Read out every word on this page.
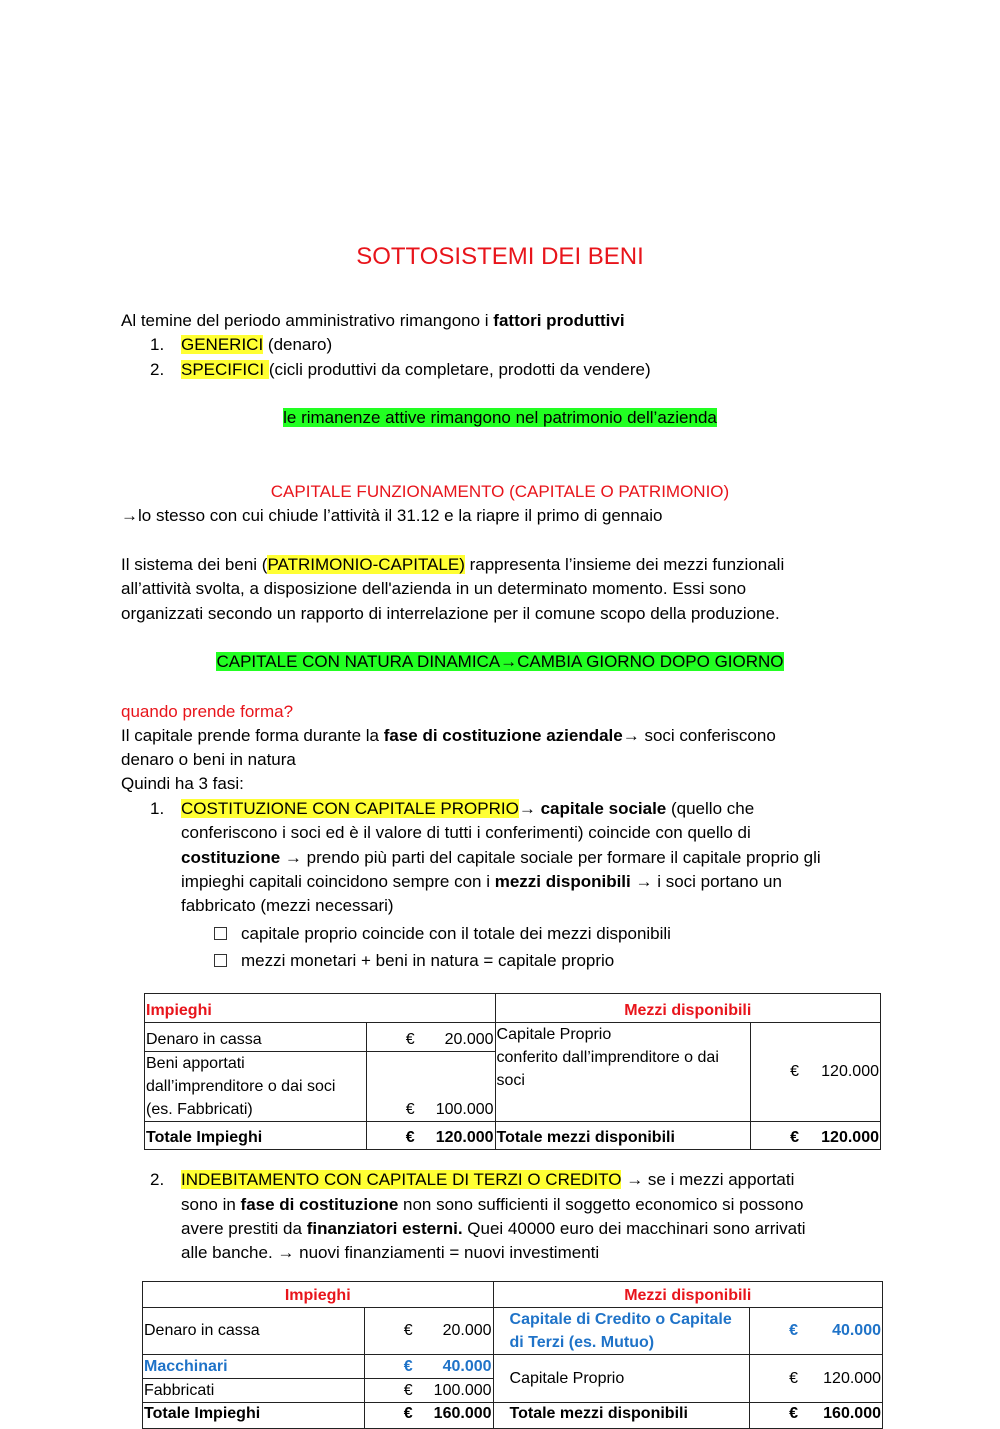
SOTTOSISTEMI DEI BENI
Al temine del periodo amministrativo rimangono i fattori produttivi
1. GENERICI (denaro)
2. SPECIFICI (cicli produttivi da completare, prodotti da vendere)
le rimanenze attive rimangono nel patrimonio dell’azienda
CAPITALE FUNZIONAMENTO (CAPITALE O PATRIMONIO)
→lo stesso con cui chiude l’attività il 31.12 e la riapre il primo di gennaio
Il sistema dei beni (PATRIMONIO-CAPITALE) rappresenta l’insieme dei mezzi funzionali
all’attività svolta, a disposizione dell'azienda in un determinato momento. Essi sono
organizzati secondo un rapporto di interrelazione per il comune scopo della produzione.
CAPITALE CON NATURA DINAMICA→CAMBIA GIORNO DOPO GIORNO
quando prende forma?
Il capitale prende forma durante la fase di costituzione aziendale→ soci conferiscono
denaro o beni in natura
Quindi ha 3 fasi:
1. COSTITUZIONE CON CAPITALE PROPRIO→ capitale sociale (quello che
conferiscono i soci ed è il valore di tutti i conferimenti) coincide con quello di
costituzione → prendo più parti del capitale sociale per formare il capitale proprio gli
impieghi capitali coincidono sempre con i mezzi disponibili → i soci portano un
fabbricato (mezzi necessari)
capitale proprio coincide con il totale dei mezzi disponibili
mezzi monetari + beni in natura = capitale proprio
Impieghi		Mezzi disponibili	
Denaro in cassa	€ 20.000	Capitale Proprio
conferito dall’imprenditore o dai
soci	€ 120.000
Beni apportati
dall’imprenditore o dai soci
(es. Fabbricati)	€ 100.000		
Totale Impieghi	€ 120.000	Totale mezzi disponibili	€ 120.000
2. INDEBITAMENTO CON CAPITALE DI TERZI O CREDITO → se i mezzi apportati
sono in fase di costituzione non sono sufficienti il soggetto economico si possono
avere prestiti da finanziatori esterni. Quei 40000 euro dei macchinari sono arrivati
alle banche. → nuovi finanziamenti = nuovi investimenti
Impieghi		Mezzi disponibili	
Denaro in cassa	€ 20.000	Capitale di Credito o Capitale
di Terzi (es. Mutuo)	€ 40.000
Macchinari	€ 40.000	Capitale Proprio	€ 120.000
Fabbricati	€ 100.000		
Totale Impieghi	€ 160.000	Totale mezzi disponibili	€ 160.000
